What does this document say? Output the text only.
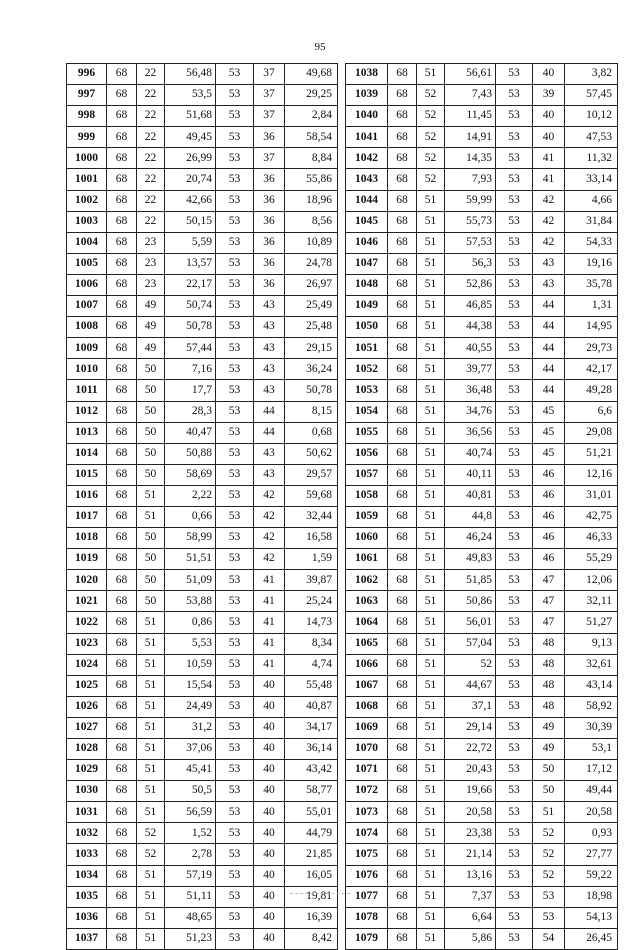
95
996	68	22	56,48	53	37	49,68
997	68	22	53,5	53	37	29,25
998	68	22	51,68	53	37	2,84
999	68	22	49,45	53	36	58,54
1000	68	22	26,99	53	37	8,84
1001	68	22	20,74	53	36	55,86
1002	68	22	42,66	53	36	18,96
1003	68	22	50,15	53	36	8,56
1004	68	23	5,59	53	36	10,89
1005	68	23	13,57	53	36	24,78
1006	68	23	22,17	53	36	26,97
1007	68	49	50,74	53	43	25,49
1008	68	49	50,78	53	43	25,48
1009	68	49	57,44	53	43	29,15
1010	68	50	7,16	53	43	36,24
1011	68	50	17,7	53	43	50,78
1012	68	50	28,3	53	44	8,15
1013	68	50	40,47	53	44	0,68
1014	68	50	50,88	53	43	50,62
1015	68	50	58,69	53	43	29,57
1016	68	51	2,22	53	42	59,68
1017	68	51	0,66	53	42	32,44
1018	68	50	58,99	53	42	16,58
1019	68	50	51,51	53	42	1,59
1020	68	50	51,09	53	41	39,87
1021	68	50	53,88	53	41	25,24
1022	68	51	0,86	53	41	14,73
1023	68	51	5,53	53	41	8,34
1024	68	51	10,59	53	41	4,74
1025	68	51	15,54	53	40	55,48
1026	68	51	24,49	53	40	40,87
1027	68	51	31,2	53	40	34,17
1028	68	51	37,06	53	40	36,14
1029	68	51	45,41	53	40	43,42
1030	68	51	50,5	53	40	58,77
1031	68	51	56,59	53	40	55,01
1032	68	52	1,52	53	40	44,79
1033	68	52	2,78	53	40	21,85
1034	68	51	57,19	53	40	16,05
1035	68	51	51,11	53	40	19,81
1036	68	51	48,65	53	40	16,39
1037	68	51	51,23	53	40	8,42
1038	68	51	56,61	53	40	3,82
1039	68	52	7,43	53	39	57,45
1040	68	52	11,45	53	40	10,12
1041	68	52	14,91	53	40	47,53
1042	68	52	14,35	53	41	11,32
1043	68	52	7,93	53	41	33,14
1044	68	51	59,99	53	42	4,66
1045	68	51	55,73	53	42	31,84
1046	68	51	57,53	53	42	54,33
1047	68	51	56,3	53	43	19,16
1048	68	51	52,86	53	43	35,78
1049	68	51	46,85	53	44	1,31
1050	68	51	44,38	53	44	14,95
1051	68	51	40,55	53	44	29,73
1052	68	51	39,77	53	44	42,17
1053	68	51	36,48	53	44	49,28
1054	68	51	34,76	53	45	6,6
1055	68	51	36,56	53	45	29,08
1056	68	51	40,74	53	45	51,21
1057	68	51	40,11	53	46	12,16
1058	68	51	40,81	53	46	31,01
1059	68	51	44,8	53	46	42,75
1060	68	51	46,24	53	46	46,33
1061	68	51	49,83	53	46	55,29
1062	68	51	51,85	53	47	12,06
1063	68	51	50,86	53	47	32,11
1064	68	51	56,01	53	47	51,27
1065	68	51	57,04	53	48	9,13
1066	68	51	52	53	48	32,61
1067	68	51	44,67	53	48	43,14
1068	68	51	37,1	53	48	58,92
1069	68	51	29,14	53	49	30,39
1070	68	51	22,72	53	49	53,1
1071	68	51	20,43	53	50	17,12
1072	68	51	19,66	53	50	49,44
1073	68	51	20,58	53	51	20,58
1074	68	51	23,38	53	52	0,93
1075	68	51	21,14	53	52	27,77
1076	68	51	13,16	53	52	59,22
1077	68	51	7,37	53	53	18,98
1078	68	51	6,64	53	53	54,13
1079	68	51	5,86	53	54	26,45
